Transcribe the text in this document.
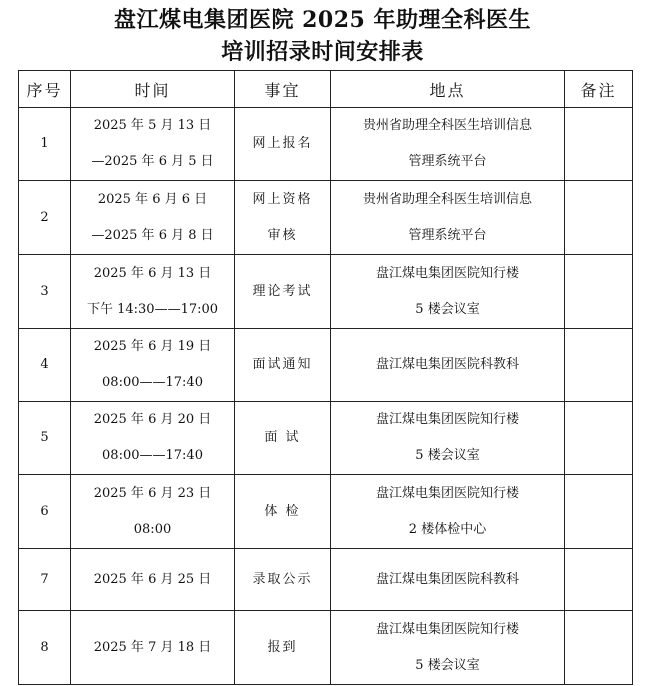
盘江煤电集团医院 2025 年助理全科医生
培训招录时间安排表
序号	时间	事宜	地点	备注
1	2025 年 5 月 13 日
—2025 年 6 月 5 日	网上报名	贵州省助理全科医生培训信息
管理系统平台	

2	2025 年 6 月 6 日
—2025 年 6 月 8 日	网上资格
审核	贵州省助理全科医生培训信息
管理系统平台	

3	2025 年 6 月 13 日
下午 14:30——17:00	理论考试	盘江煤电集团医院知行楼
5 楼会议室	

4	2025 年 6 月 19 日
08:00——17:40	面试通知	盘江煤电集团医院科教科	

5	2025 年 6 月 20 日
08:00——17:40	面 试	盘江煤电集团医院知行楼
5 楼会议室	

6	2025 年 6 月 23 日
08:00	体 检	盘江煤电集团医院知行楼
2 楼体检中心	

7	2025 年 6 月 25 日	录取公示	盘江煤电集团医院科教科	

8	2025 年 7 月 18 日	报到	盘江煤电集团医院知行楼
5 楼会议室	
